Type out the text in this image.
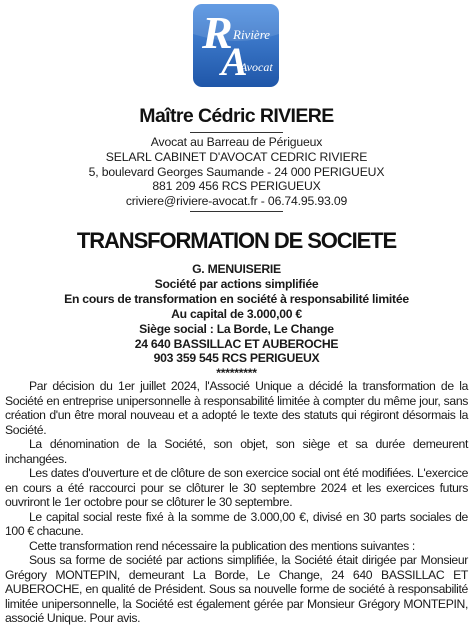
R
A
Rivière
Avocat
Maître Cédric RIVIERE
Avocat au Barreau de Périgueux
SELARL CABINET D'AVOCAT CEDRIC RIVIERE
5, boulevard Georges Saumande - 24 000 PERIGUEUX
881 209 456 RCS PERIGUEUX
criviere@riviere-avocat.fr - 06.74.95.93.09
TRANSFORMATION DE SOCIETE
G. MENUISERIE
Société par actions simplifiée
En cours de transformation en société à responsabilité limitée
Au capital de 3.000,00 €
Siège social : La Borde, Le Change
24 640 BASSILLAC ET AUBEROCHE
903 359 545 RCS PERIGUEUX
*********

Par décision du 1er juillet 2024, l'Associé Unique a décidé la transformation de la Société en entreprise unipersonnelle à responsabilité limitée à compter du même jour, sans création d'un être moral nouveau et a adopté le texte des statuts qui régiront désormais la Société.

La dénomination de la Société, son objet, son siège et sa durée demeurent inchangées.

Les dates d'ouverture et de clôture de son exercice social ont été modifiées. L'exercice en cours a été raccourci pour se clôturer le 30 septembre 2024 et les exercices futurs ouvriront le 1er octobre pour se clôturer le 30 septembre.

Le capital social reste fixé à la somme de 3.000,00 €, divisé en 30 parts sociales de 100 € chacune.

Cette transformation rend nécessaire la publication des mentions suivantes :

Sous sa forme de société par actions simplifiée, la Société était dirigée par Monsieur Grégory MONTEPIN, demeurant La Borde, Le Change, 24 640 BASSILLAC ET AUBEROCHE, en qualité de Président. Sous sa nouvelle forme de société à responsabilité limitée unipersonnelle, la Société est également gérée par Monsieur Grégory MONTEPIN, associé Unique. Pour avis.
